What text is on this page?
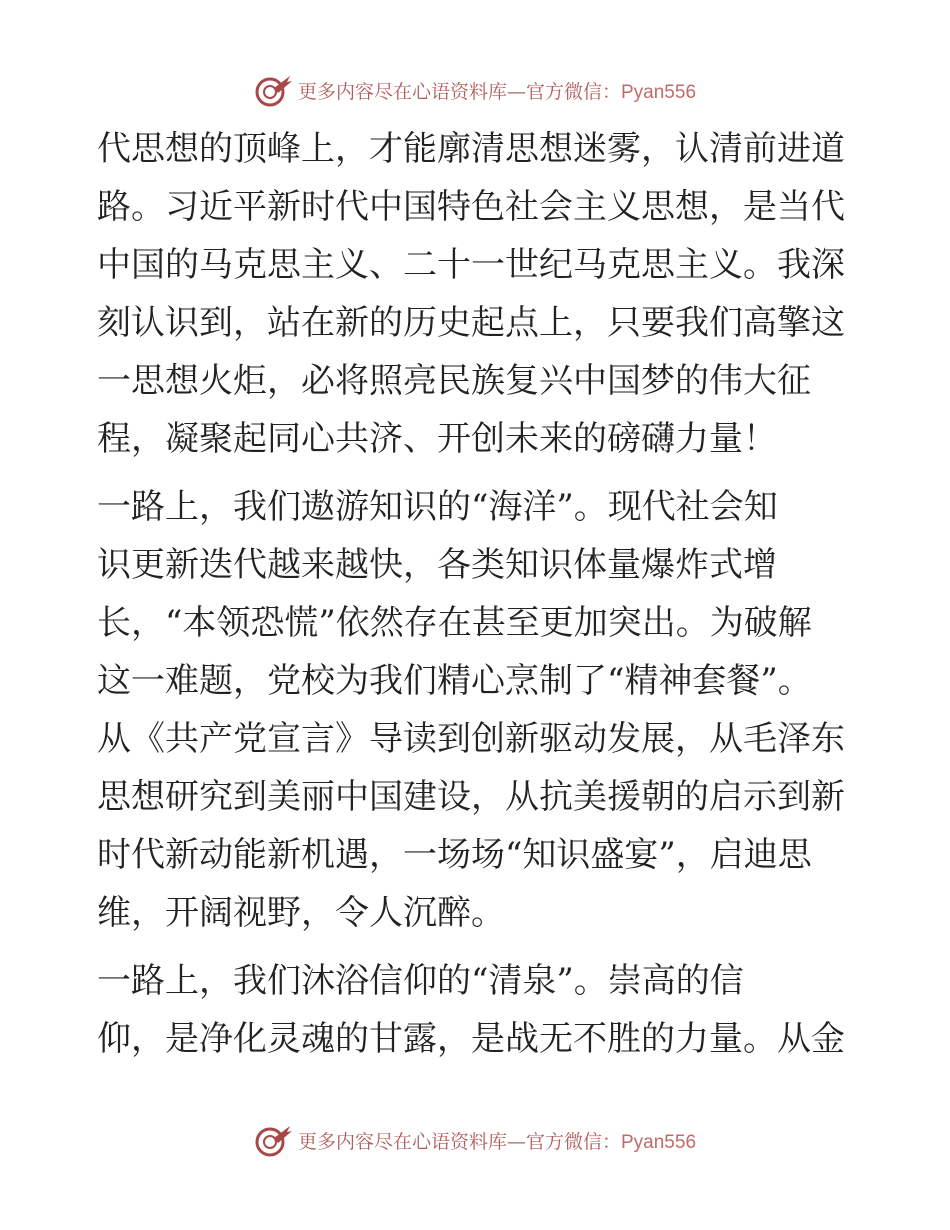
更多内容尽在心语资料库—官方微信：Pyan556
代思想的顶峰上，才能廓清思想迷雾，认清前进道
路。习近平新时代中国特色社会主义思想，是当代
中国的马克思主义、二十一世纪马克思主义。我深
刻认识到，站在新的历史起点上，只要我们高擎这
一思想火炬，必将照亮民族复兴中国梦的伟大征
程，凝聚起同心共济、开创未来的磅礴力量！
一路上，我们遨游知识的“海洋”。现代社会知
识更新迭代越来越快，各类知识体量爆炸式增
长，“本领恐慌”依然存在甚至更加突出。为破解
这一难题，党校为我们精心烹制了“精神套餐”。
从《共产党宣言》导读到创新驱动发展，从毛泽东
思想研究到美丽中国建设，从抗美援朝的启示到新
时代新动能新机遇，一场场“知识盛宴”，启迪思
维，开阔视野，令人沉醉。
一路上，我们沐浴信仰的“清泉”。崇高的信
仰，是净化灵魂的甘露，是战无不胜的力量。从金
更多内容尽在心语资料库—官方微信：Pyan556
